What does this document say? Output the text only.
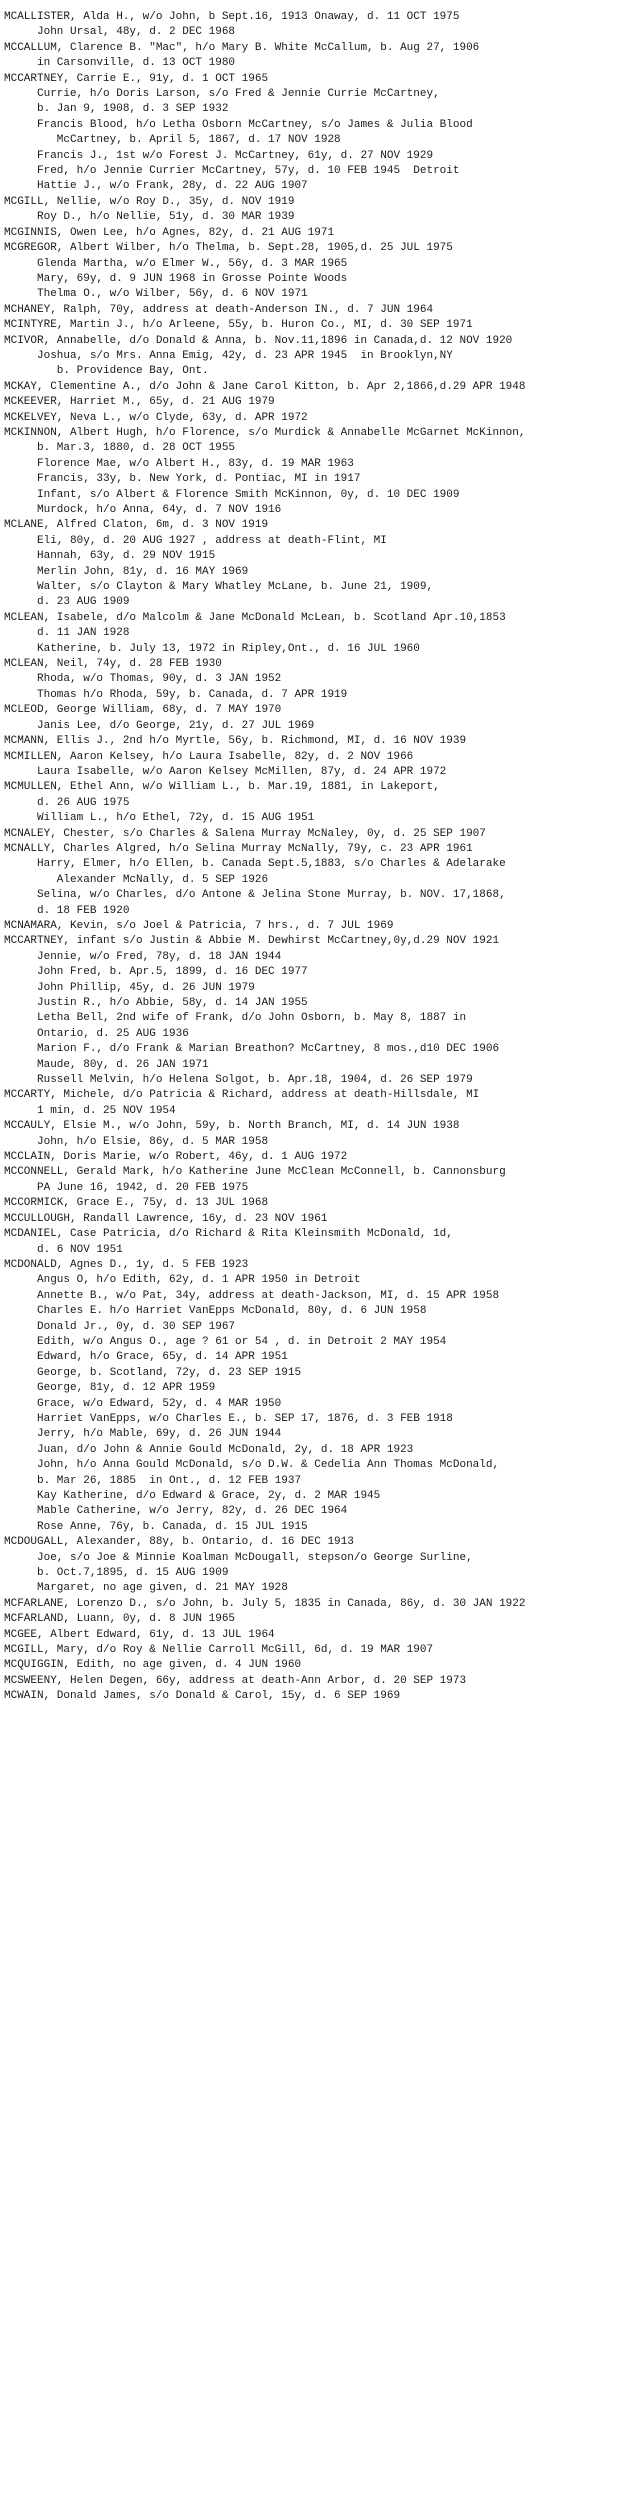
MCALLISTER, Alda H., w/o John, b Sept.16, 1913 Onaway, d. 11 OCT 1975
John Ursal, 48y, d. 2 DEC 1968
MCCALLUM, Clarence B. "Mac", h/o Mary B. White McCallum, b. Aug 27, 1906
in Carsonville, d. 13 OCT 1980
MCCARTNEY, Carrie E., 91y, d. 1 OCT 1965
Currie, h/o Doris Larson, s/o Fred & Jennie Currie McCartney,
b. Jan 9, 1908, d. 3 SEP 1932
Francis Blood, h/o Letha Osborn McCartney, s/o James & Julia Blood
McCartney, b. April 5, 1867, d. 17 NOV 1928
Francis J., 1st w/o Forest J. McCartney, 61y, d. 27 NOV 1929
Fred, h/o Jennie Currier McCartney, 57y, d. 10 FEB 1945  Detroit
Hattie J., w/o Frank, 28y, d. 22 AUG 1907
MCGILL, Nellie, w/o Roy D., 35y, d. NOV 1919
Roy D., h/o Nellie, 51y, d. 30 MAR 1939
MCGINNIS, Owen Lee, h/o Agnes, 82y, d. 21 AUG 1971
MCGREGOR, Albert Wilber, h/o Thelma, b. Sept.28, 1905,d. 25 JUL 1975
Glenda Martha, w/o Elmer W., 56y, d. 3 MAR 1965
Mary, 69y, d. 9 JUN 1968 in Grosse Pointe Woods
Thelma O., w/o Wilber, 56y, d. 6 NOV 1971
MCHANEY, Ralph, 70y, address at death-Anderson IN., d. 7 JUN 1964
MCINTYRE, Martin J., h/o Arleene, 55y, b. Huron Co., MI, d. 30 SEP 1971
MCIVOR, Annabelle, d/o Donald & Anna, b. Nov.11,1896 in Canada,d. 12 NOV 1920
Joshua, s/o Mrs. Anna Emig, 42y, d. 23 APR 1945  in Brooklyn,NY
b. Providence Bay, Ont.
MCKAY, Clementine A., d/o John & Jane Carol Kitton, b. Apr 2,1866,d.29 APR 1948
MCKEEVER, Harriet M., 65y, d. 21 AUG 1979
MCKELVEY, Neva L., w/o Clyde, 63y, d. APR 1972
MCKINNON, Albert Hugh, h/o Florence, s/o Murdick & Annabelle McGarnet McKinnon,
b. Mar.3, 1880, d. 28 OCT 1955
Florence Mae, w/o Albert H., 83y, d. 19 MAR 1963
Francis, 33y, b. New York, d. Pontiac, MI in 1917
Infant, s/o Albert & Florence Smith McKinnon, 0y, d. 10 DEC 1909
Murdock, h/o Anna, 64y, d. 7 NOV 1916
MCLANE, Alfred Claton, 6m, d. 3 NOV 1919
Eli, 80y, d. 20 AUG 1927 , address at death-Flint, MI
Hannah, 63y, d. 29 NOV 1915
Merlin John, 81y, d. 16 MAY 1969
Walter, s/o Clayton & Mary Whatley McLane, b. June 21, 1909,
d. 23 AUG 1909
MCLEAN, Isabele, d/o Malcolm & Jane McDonald McLean, b. Scotland Apr.10,1853
d. 11 JAN 1928
Katherine, b. July 13, 1972 in Ripley,Ont., d. 16 JUL 1960
MCLEAN, Neil, 74y, d. 28 FEB 1930
Rhoda, w/o Thomas, 90y, d. 3 JAN 1952
Thomas h/o Rhoda, 59y, b. Canada, d. 7 APR 1919
MCLEOD, George William, 68y, d. 7 MAY 1970
Janis Lee, d/o George, 21y, d. 27 JUL 1969
MCMANN, Ellis J., 2nd h/o Myrtle, 56y, b. Richmond, MI, d. 16 NOV 1939
MCMILLEN, Aaron Kelsey, h/o Laura Isabelle, 82y, d. 2 NOV 1966
Laura Isabelle, w/o Aaron Kelsey McMillen, 87y, d. 24 APR 1972
MCMULLEN, Ethel Ann, w/o William L., b. Mar.19, 1881, in Lakeport,
d. 26 AUG 1975
William L., h/o Ethel, 72y, d. 15 AUG 1951
MCNALEY, Chester, s/o Charles & Salena Murray McNaley, 0y, d. 25 SEP 1907
MCNALLY, Charles Algred, h/o Selina Murray McNally, 79y, c. 23 APR 1961
Harry, Elmer, h/o Ellen, b. Canada Sept.5,1883, s/o Charles & Adelarake
Alexander McNally, d. 5 SEP 1926
Selina, w/o Charles, d/o Antone & Jelina Stone Murray, b. NOV. 17,1868,
d. 18 FEB 1920
MCNAMARA, Kevin, s/o Joel & Patricia, 7 hrs., d. 7 JUL 1969
MCCARTNEY, infant s/o Justin & Abbie M. Dewhirst McCartney,0y,d.29 NOV 1921
Jennie, w/o Fred, 78y, d. 18 JAN 1944
John Fred, b. Apr.5, 1899, d. 16 DEC 1977
John Phillip, 45y, d. 26 JUN 1979
Justin R., h/o Abbie, 58y, d. 14 JAN 1955
Letha Bell, 2nd wife of Frank, d/o John Osborn, b. May 8, 1887 in
Ontario, d. 25 AUG 1936
Marion F., d/o Frank & Marian Breathon? McCartney, 8 mos.,d10 DEC 1906
Maude, 80y, d. 26 JAN 1971
Russell Melvin, h/o Helena Solgot, b. Apr.18, 1904, d. 26 SEP 1979
MCCARTY, Michele, d/o Patricia & Richard, address at death-Hillsdale, MI
1 min, d. 25 NOV 1954
MCCAULY, Elsie M., w/o John, 59y, b. North Branch, MI, d. 14 JUN 1938
John, h/o Elsie, 86y, d. 5 MAR 1958
MCCLAIN, Doris Marie, w/o Robert, 46y, d. 1 AUG 1972
MCCONNELL, Gerald Mark, h/o Katherine June McClean McConnell, b. Cannonsburg
PA June 16, 1942, d. 20 FEB 1975
MCCORMICK, Grace E., 75y, d. 13 JUL 1968
MCCULLOUGH, Randall Lawrence, 16y, d. 23 NOV 1961
MCDANIEL, Case Patricia, d/o Richard & Rita Kleinsmith McDonald, 1d,
d. 6 NOV 1951
MCDONALD, Agnes D., 1y, d. 5 FEB 1923
Angus O, h/o Edith, 62y, d. 1 APR 1950 in Detroit
Annette B., w/o Pat, 34y, address at death-Jackson, MI, d. 15 APR 1958
Charles E. h/o Harriet VanEpps McDonald, 80y, d. 6 JUN 1958
Donald Jr., 0y, d. 30 SEP 1967
Edith, w/o Angus O., age ? 61 or 54 , d. in Detroit 2 MAY 1954
Edward, h/o Grace, 65y, d. 14 APR 1951
George, b. Scotland, 72y, d. 23 SEP 1915
George, 81y, d. 12 APR 1959
Grace, w/o Edward, 52y, d. 4 MAR 1950
Harriet VanEpps, w/o Charles E., b. SEP 17, 1876, d. 3 FEB 1918
Jerry, h/o Mable, 69y, d. 26 JUN 1944
Juan, d/o John & Annie Gould McDonald, 2y, d. 18 APR 1923
John, h/o Anna Gould McDonald, s/o D.W. & Cedelia Ann Thomas McDonald,
b. Mar 26, 1885  in Ont., d. 12 FEB 1937
Kay Katherine, d/o Edward & Grace, 2y, d. 2 MAR 1945
Mable Catherine, w/o Jerry, 82y, d. 26 DEC 1964
Rose Anne, 76y, b. Canada, d. 15 JUL 1915
MCDOUGALL, Alexander, 88y, b. Ontario, d. 16 DEC 1913
Joe, s/o Joe & Minnie Koalman McDougall, stepson/o George Surline,
b. Oct.7,1895, d. 15 AUG 1909
Margaret, no age given, d. 21 MAY 1928
MCFARLANE, Lorenzo D., s/o John, b. July 5, 1835 in Canada, 86y, d. 30 JAN 1922
MCFARLAND, Luann, 0y, d. 8 JUN 1965
MCGEE, Albert Edward, 61y, d. 13 JUL 1964
MCGILL, Mary, d/o Roy & Nellie Carroll McGill, 6d, d. 19 MAR 1907
MCQUIGGIN, Edith, no age given, d. 4 JUN 1960
MCSWEENY, Helen Degen, 66y, address at death-Ann Arbor, d. 20 SEP 1973
MCWAIN, Donald James, s/o Donald & Carol, 15y, d. 6 SEP 1969
